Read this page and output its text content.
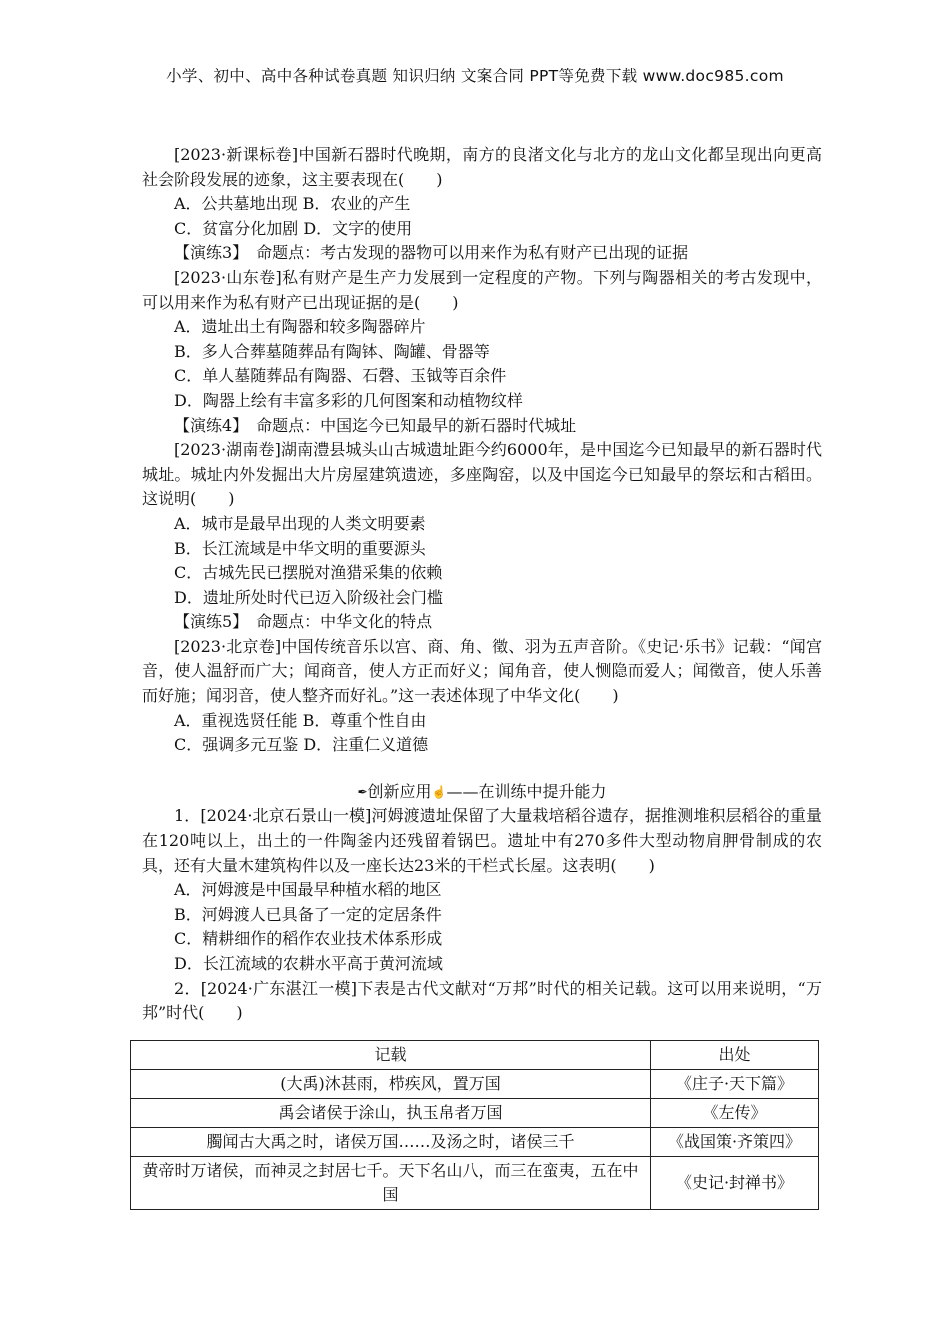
小学、初中、高中各种试卷真题 知识归纳 文案合同 PPT等免费下载 www.doc985.com

[2023·新课标卷]中国新石器时代晚期，南方的良渚文化与北方的龙山文化都呈现出向更高社会阶段发展的迹象，这主要表现在(　　)

A．公共墓地出现 B．农业的产生

C．贫富分化加剧 D．文字的使用

【演练3】　命题点：考古发现的器物可以用来作为私有财产已出现的证据

[2023·山东卷]私有财产是生产力发展到一定程度的产物。下列与陶器相关的考古发现中，可以用来作为私有财产已出现证据的是(　　)

A．遗址出土有陶器和较多陶器碎片

B．多人合葬墓随葬品有陶钵、陶罐、骨器等

C．单人墓随葬品有陶器、石磬、玉钺等百余件

D．陶器上绘有丰富多彩的几何图案和动植物纹样

【演练4】　命题点：中国迄今已知最早的新石器时代城址

[2023·湖南卷]湖南澧县城头山古城遗址距今约6000年，是中国迄今已知最早的新石器时代城址。城址内外发掘出大片房屋建筑遗迹，多座陶窑，以及中国迄今已知最早的祭坛和古稻田。这说明(　　)

A．城市是最早出现的人类文明要素

B．长江流域是中华文明的重要源头

C．古城先民已摆脱对渔猎采集的依赖

D．遗址所处时代已迈入阶级社会门槛

【演练5】　命题点：中华文化的特点

[2023·北京卷]中国传统音乐以宫、商、角、徵、羽为五声音阶。《史记·乐书》记载：“闻宫音，使人温舒而广大；闻商音，使人方正而好义；闻角音，使人恻隐而爱人；闻徵音，使人乐善而好施；闻羽音，使人整齐而好礼。”这一表述体现了中华文化(　　)

A．重视选贤任能 B．尊重个性自由

C．强调多元互鉴 D．注重仁义道德

✒创新应用☝——在训练中提升能力

1．[2024·北京石景山一模]河姆渡遗址保留了大量栽培稻谷遗存，据推测堆积层稻谷的重量在120吨以上，出土的一件陶釜内还残留着锅巴。遗址中有270多件大型动物肩胛骨制成的农具，还有大量木建筑构件以及一座长达23米的干栏式长屋。这表明(　　)

A．河姆渡是中国最早种植水稻的地区

B．河姆渡人已具备了一定的定居条件

C．精耕细作的稻作农业技术体系形成

D．长江流域的农耕水平高于黄河流域

2．[2024·广东湛江一模]下表是古代文献对“万邦”时代的相关记载。这可以用来说明，“万邦”时代(　　)

记载	出处
(大禹)沐甚雨，栉疾风，置万国	《庄子·天下篇》
禹会诸侯于涂山，执玉帛者万国	《左传》
臅闻古大禹之时，诸侯万国……及汤之时，诸侯三千	《战国策·齐策四》
黄帝时万诸侯，而神灵之封居七千。天下名山八，而三在蛮夷，五在中国	《史记·封禅书》
